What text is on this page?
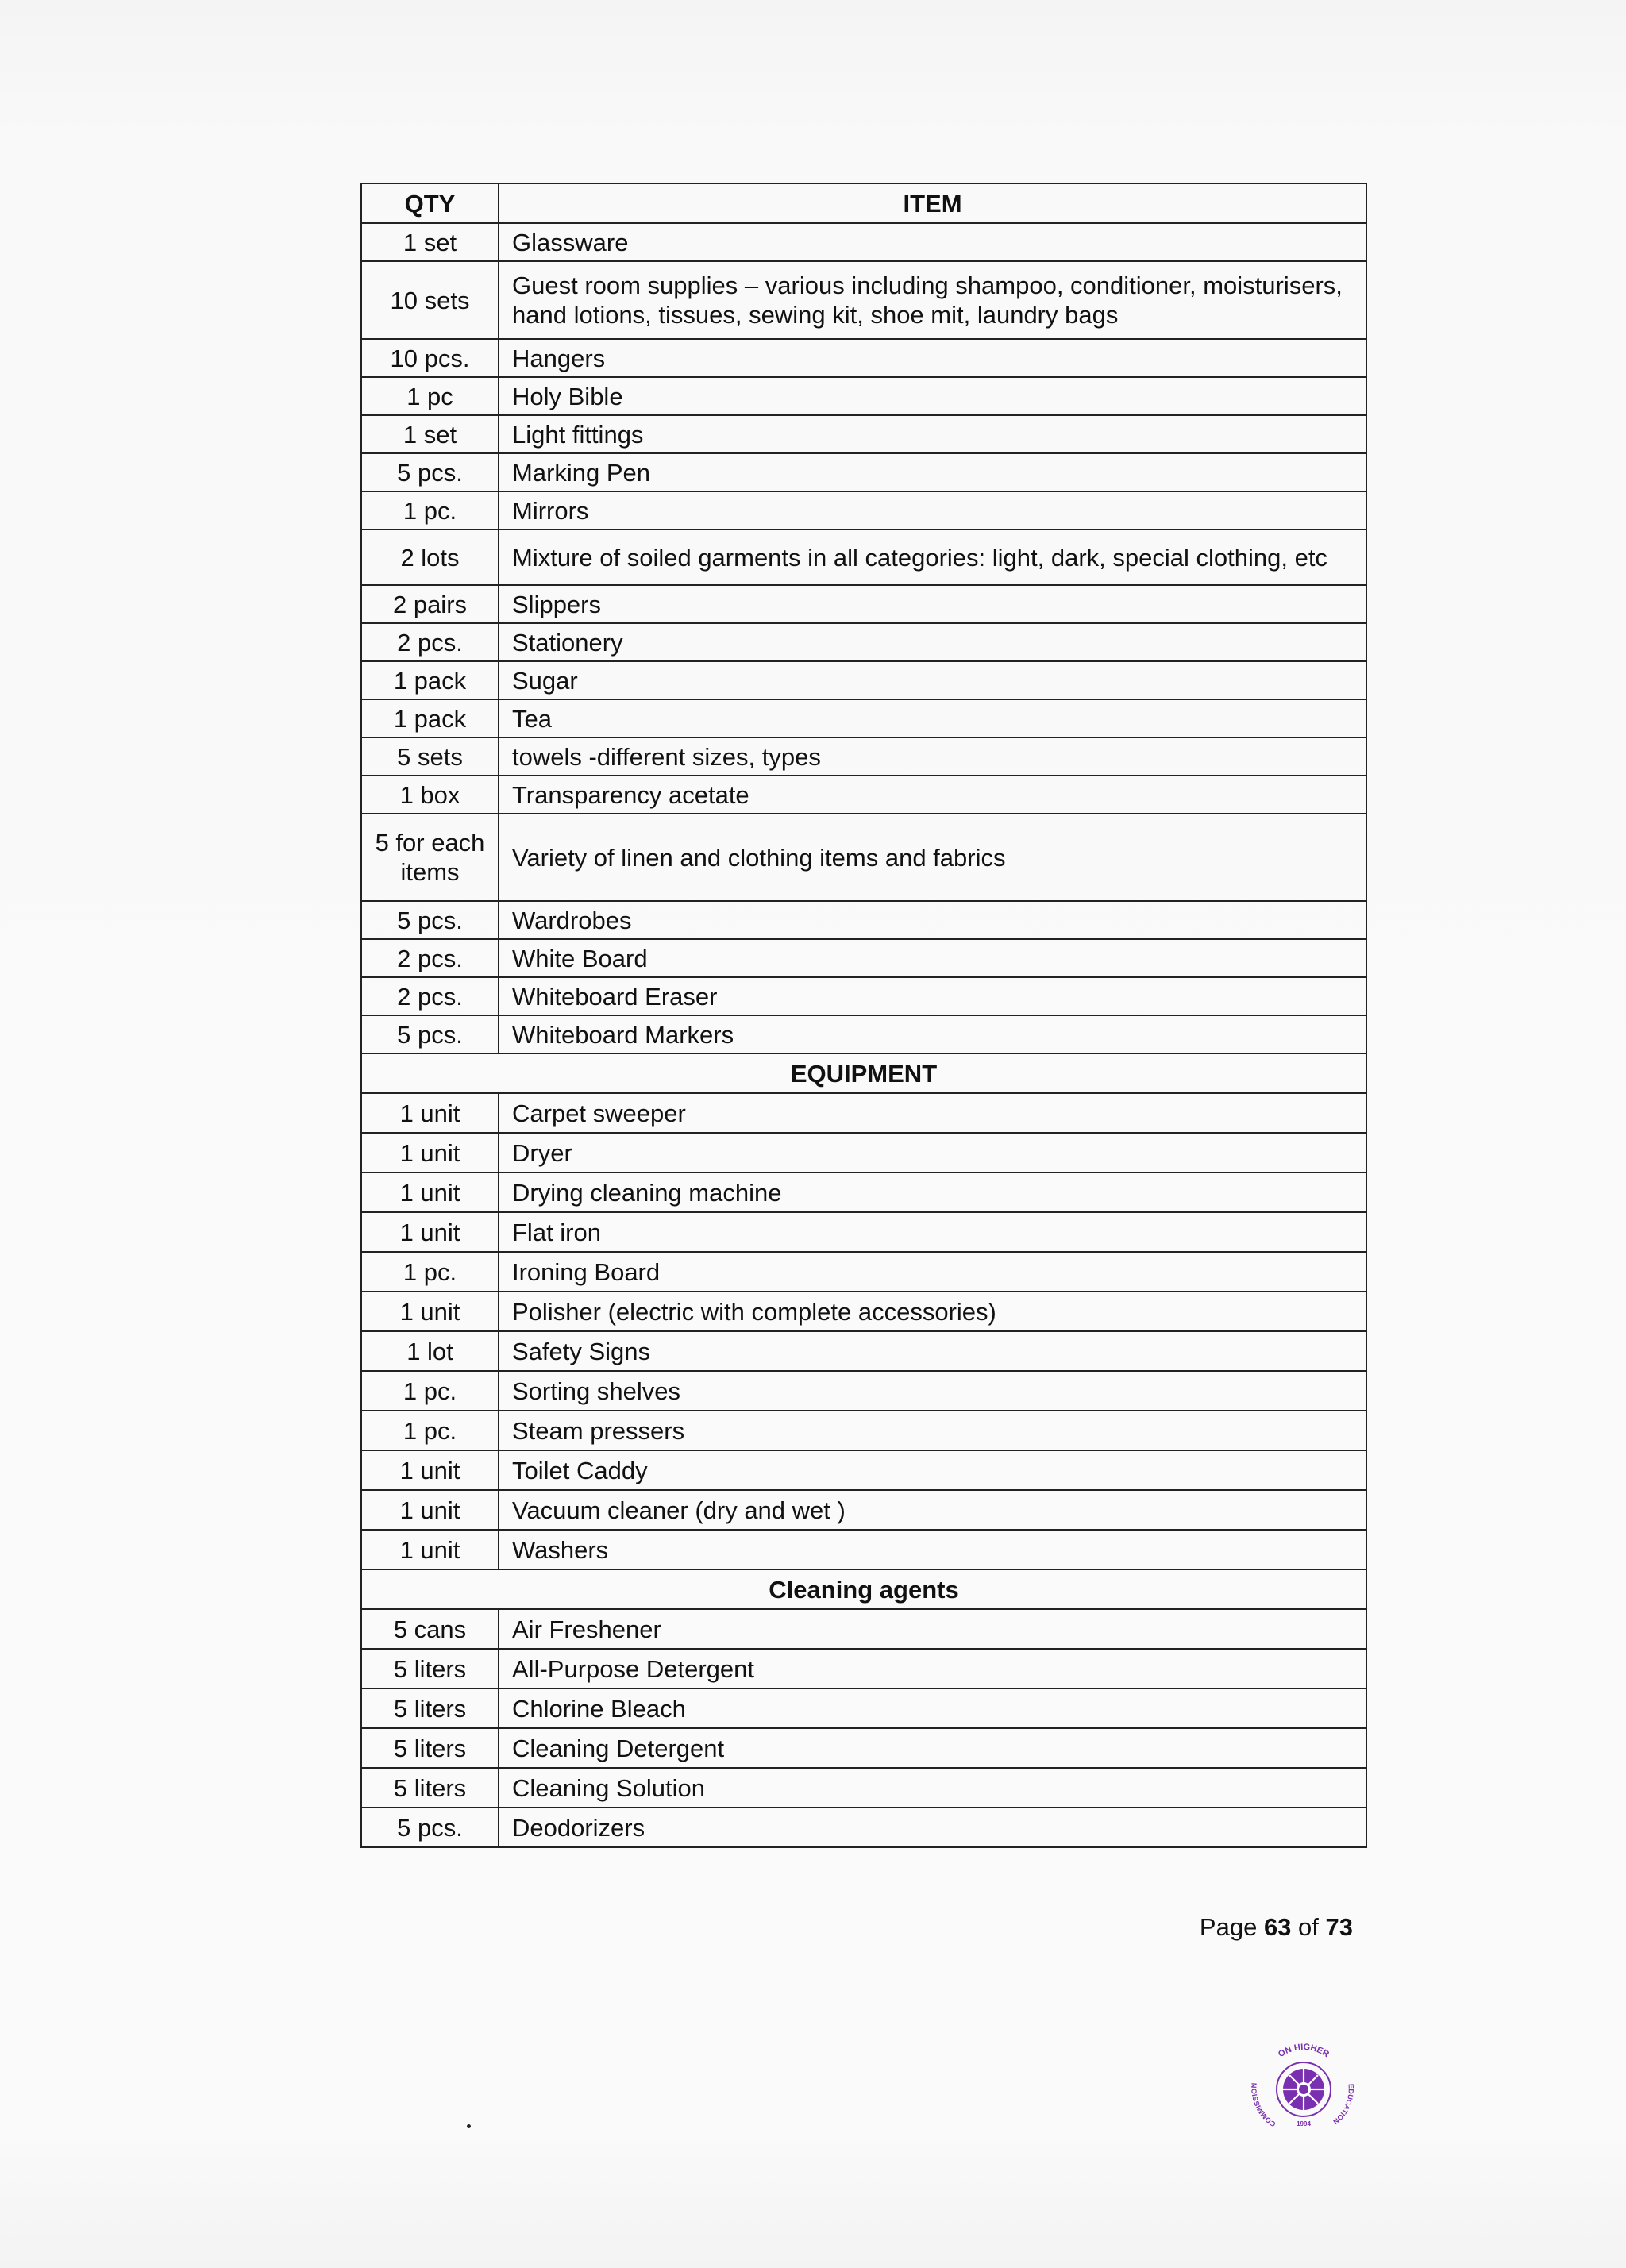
QTY	ITEM
1 set	Glassware
10 sets	Guest room supplies – various including shampoo, conditioner, moisturisers, hand lotions, tissues, sewing kit, shoe mit, laundry bags
10 pcs.	Hangers
1 pc	Holy Bible
1 set	Light fittings
5 pcs.	Marking Pen
1 pc.	Mirrors
2 lots	Mixture of soiled garments in all categories: light, dark, special clothing, etc
2 pairs	Slippers
2 pcs.	Stationery
1 pack	Sugar
1 pack	Tea
5 sets	towels -different sizes, types
1 box	Transparency acetate
5 for each items	Variety of linen and clothing items and fabrics
5 pcs.	Wardrobes
2 pcs.	White Board
2 pcs.	Whiteboard Eraser
5 pcs.	Whiteboard Markers
EQUIPMENT	
1 unit	Carpet sweeper
1 unit	Dryer
1 unit	Drying cleaning machine
1 unit	Flat iron
1 pc.	Ironing Board
1 unit	Polisher (electric with complete accessories)
1 lot	Safety Signs
1 pc.	Sorting shelves
1 pc.	Steam pressers
1 unit	Toilet Caddy
1 unit	Vacuum cleaner (dry and wet )
1 unit	Washers
Cleaning agents	
5 cans	Air Freshener
5 liters	All-Purpose Detergent
5 liters	Chlorine Bleach
5 liters	Cleaning Detergent
5 liters	Cleaning Solution
5 pcs.	Deodorizers
Page 63 of 73
ON HIGHER
COMMISSION	EDUCATION
1994
